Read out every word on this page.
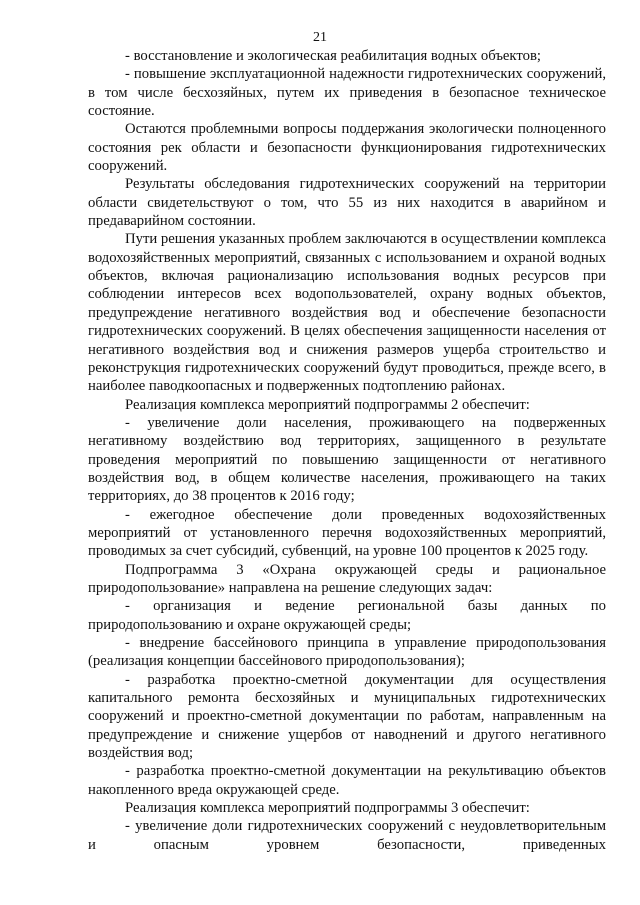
21

- восстановление и экологическая реабилитация водных объектов;

- повышение эксплуатационной надежности гидротехнических сооружений, в том числе бесхозяйных, путем их приведения в безопасное техническое состояние.

Остаются проблемными вопросы поддержания экологически полноценного состояния рек области и безопасности функционирования гидротехнических сооружений.

Результаты обследования гидротехнических сооружений на территории области свидетельствуют о том, что 55 из них находится в аварийном и предаварийном состоянии.

Пути решения указанных проблем заключаются в осуществлении комплекса водохозяйственных мероприятий, связанных с использованием и охраной водных объектов, включая рационализацию использования водных ресурсов при соблюдении интересов всех водопользователей, охрану водных объектов, предупреждение негативного воздействия вод и обеспечение безопасности гидротехнических сооружений. В целях обеспечения защищенности населения от негативного воздействия вод и снижения размеров ущерба строительство и реконструкция гидротехнических сооружений будут проводиться, прежде всего, в наиболее паводкоопасных и подверженных подтоплению районах.

Реализация комплекса мероприятий подпрограммы 2 обеспечит:

- увеличение доли населения, проживающего на подверженных негативному воздействию вод территориях, защищенного в результате проведения мероприятий по повышению защищенности от негативного воздействия вод, в общем количестве населения, проживающего на таких территориях, до 38 процентов к 2016 году;

- ежегодное обеспечение доли проведенных водохозяйственных мероприятий от установленного перечня водохозяйственных мероприятий, проводимых за счет субсидий, субвенций, на уровне 100 процентов к 2025 году.

Подпрограмма 3 «Охрана окружающей среды и рациональное природопользование» направлена на решение следующих задач:

- организация и ведение региональной базы данных по природопользованию и охране окружающей среды;

- внедрение бассейнового принципа в управление природопользования (реализация концепции бассейнового природопользования);

- разработка проектно-сметной документации для осуществления капитального ремонта бесхозяйных и муниципальных гидротехнических сооружений и проектно-сметной документации по работам, направленным на предупреждение и снижение ущербов от наводнений и другого негативного воздействия вод;

- разработка проектно-сметной документации на рекультивацию объектов накопленного вреда окружающей среде.

Реализация комплекса мероприятий подпрограммы 3 обеспечит:

- увеличение доли гидротехнических сооружений с неудовлетворительным и опасным уровнем безопасности, приведенных
